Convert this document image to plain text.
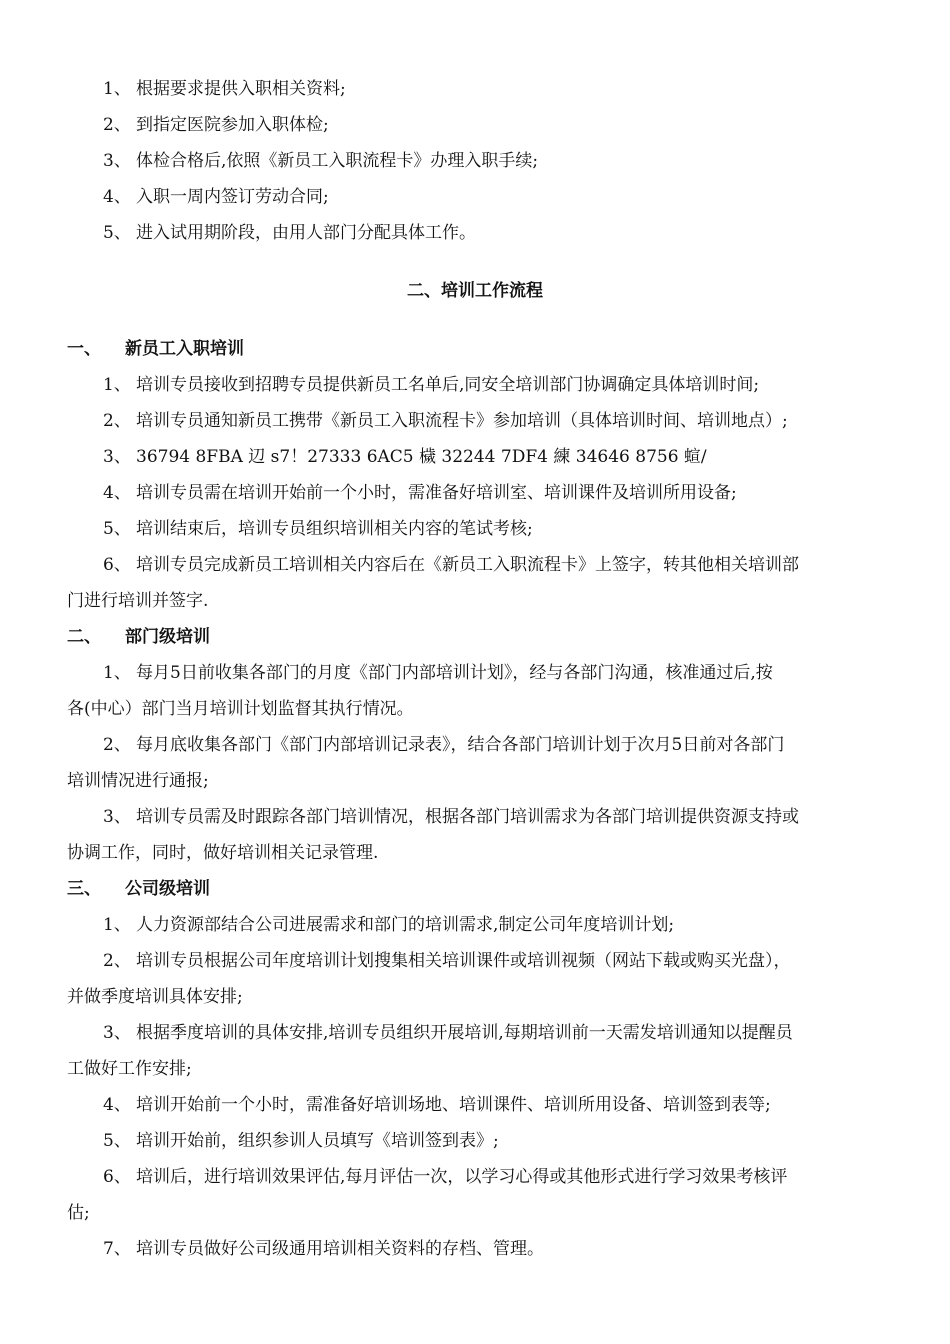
1、 根据要求提供入职相关资料;
2、 到指定医院参加入职体检;
3、 体检合格后,依照《新员工入职流程卡》办理入职手续;
4、 入职一周内签订劳动合同;
5、 进入试用期阶段，由用人部门分配具体工作。
二、培训工作流程
一、 新员工入职培训
1、 培训专员接收到招聘专员提供新员工名单后,同安全培训部门协调确定具体培训时间;
2、 培训专员通知新员工携带《新员工入职流程卡》参加培训（具体培训时间、培训地点）;
3、 36794 8FBA 辺 s7！27333 6AC5 檅 32244 7DF4 練 34646 8756 蝖/
4、 培训专员需在培训开始前一个小时，需准备好培训室、培训课件及培训所用设备;
5、 培训结束后，培训专员组织培训相关内容的笔试考核;
6、 培训专员完成新员工培训相关内容后在《新员工入职流程卡》上签字，转其他相关培训部
门进行培训并签字.
二、 部门级培训
1、 每月5日前收集各部门的月度《部门内部培训计划》，经与各部门沟通，核准通过后,按
各(中心）部门当月培训计划监督其执行情况。
2、 每月底收集各部门《部门内部培训记录表》，结合各部门培训计划于次月5日前对各部门
培训情况进行通报;
3、 培训专员需及时跟踪各部门培训情况，根据各部门培训需求为各部门培训提供资源支持或
协调工作，同时，做好培训相关记录管理.
三、 公司级培训
1、 人力资源部结合公司进展需求和部门的培训需求,制定公司年度培训计划;
2、 培训专员根据公司年度培训计划搜集相关培训课件或培训视频（网站下载或购买光盘），
并做季度培训具体安排;
3、 根据季度培训的具体安排,培训专员组织开展培训,每期培训前一天需发培训通知以提醒员
工做好工作安排;
4、 培训开始前一个小时，需准备好培训场地、培训课件、培训所用设备、培训签到表等;
5、 培训开始前，组织参训人员填写《培训签到表》;
6、 培训后，进行培训效果评估,每月评估一次，以学习心得或其他形式进行学习效果考核评
估;
7、 培训专员做好公司级通用培训相关资料的存档、管理。
